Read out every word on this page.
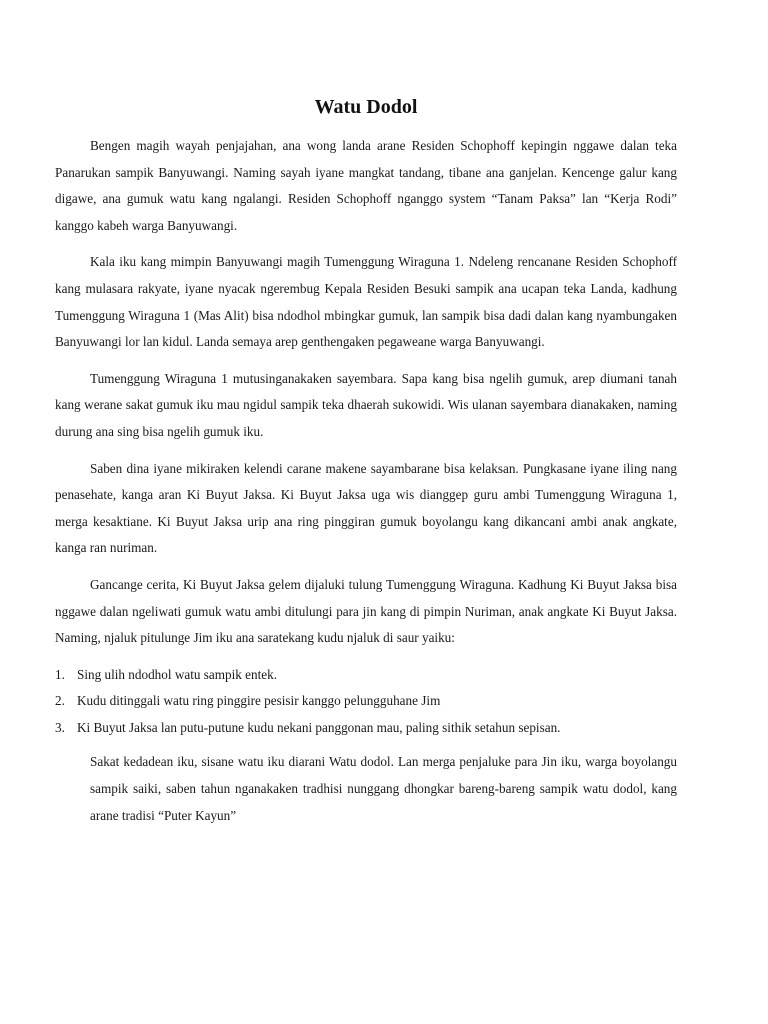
Watu Dodol

Bengen magih wayah penjajahan, ana wong landa arane Residen Schophoff kepingin nggawe dalan teka Panarukan sampik Banyuwangi. Naming sayah iyane mangkat tandang, tibane ana ganjelan. Kencenge galur kang digawe, ana gumuk watu kang ngalangi. Residen Schophoff nganggo system “Tanam Paksa” lan “Kerja Rodi” kanggo kabeh warga Banyuwangi.

Kala iku kang mimpin Banyuwangi magih Tumenggung Wiraguna 1. Ndeleng rencanane Residen Schophoff kang mulasara rakyate, iyane nyacak ngerembug Kepala Residen Besuki sampik ana ucapan teka Landa, kadhung Tumenggung Wiraguna 1 (Mas Alit) bisa ndodhol mbingkar gumuk, lan sampik bisa dadi dalan kang nyambungaken Banyuwangi lor lan kidul. Landa semaya arep genthengaken pegaweane warga Banyuwangi.

Tumenggung Wiraguna 1 mutusinganakaken sayembara. Sapa kang bisa ngelih gumuk, arep diumani tanah kang werane sakat gumuk iku mau ngidul sampik teka dhaerah sukowidi. Wis ulanan sayembara dianakaken, naming durung ana sing bisa ngelih gumuk iku.

Saben dina iyane mikiraken kelendi carane makene sayambarane bisa kelaksan. Pungkasane iyane iling nang penasehate, kanga aran Ki Buyut Jaksa. Ki Buyut Jaksa uga wis dianggep guru ambi Tumenggung Wiraguna 1, merga kesaktiane. Ki Buyut Jaksa urip ana ring pinggiran gumuk boyolangu kang dikancani ambi anak angkate, kanga ran nuriman.

Gancange cerita, Ki Buyut Jaksa gelem dijaluki tulung Tumenggung Wiraguna. Kadhung Ki Buyut Jaksa bisa nggawe dalan ngeliwati gumuk watu ambi ditulungi para jin kang di pimpin Nuriman, anak angkate Ki Buyut Jaksa. Naming, njaluk pitulunge Jim iku ana saratekang kudu njaluk di saur yaiku:

1. Sing ulih ndodhol watu sampik entek.
2. Kudu ditinggali watu ring pinggire pesisir kanggo pelungguhane Jim
3. Ki Buyut Jaksa lan putu-putune kudu nekani panggonan mau, paling sithik setahun sepisan.

Sakat kedadean iku, sisane watu iku diarani Watu dodol. Lan merga penjaluke para Jin iku, warga boyolangu sampik saiki, saben tahun nganakaken tradhisi nunggang dhongkar bareng-bareng sampik watu dodol, kang arane tradisi “Puter Kayun”
